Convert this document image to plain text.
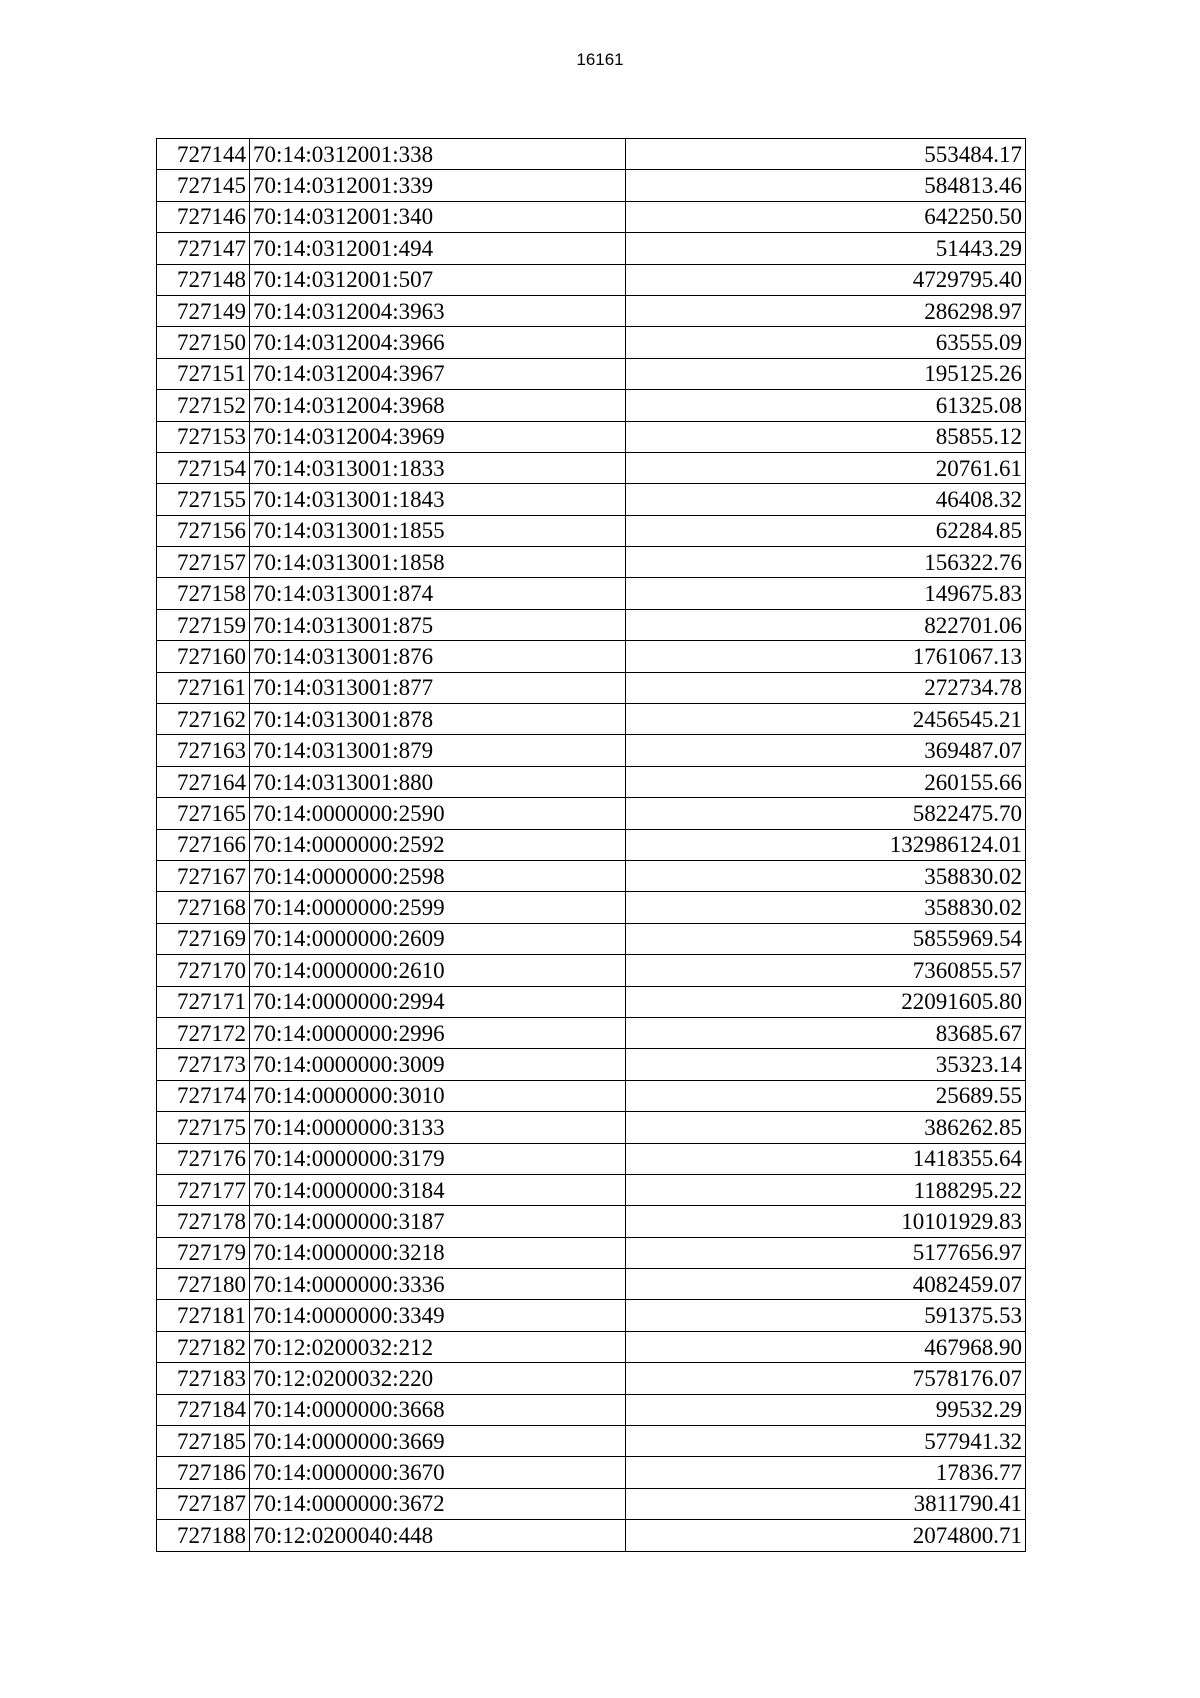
16161
727144	70:14:0312001:338	553484.17
727145	70:14:0312001:339	584813.46
727146	70:14:0312001:340	642250.50
727147	70:14:0312001:494	51443.29
727148	70:14:0312001:507	4729795.40
727149	70:14:0312004:3963	286298.97
727150	70:14:0312004:3966	63555.09
727151	70:14:0312004:3967	195125.26
727152	70:14:0312004:3968	61325.08
727153	70:14:0312004:3969	85855.12
727154	70:14:0313001:1833	20761.61
727155	70:14:0313001:1843	46408.32
727156	70:14:0313001:1855	62284.85
727157	70:14:0313001:1858	156322.76
727158	70:14:0313001:874	149675.83
727159	70:14:0313001:875	822701.06
727160	70:14:0313001:876	1761067.13
727161	70:14:0313001:877	272734.78
727162	70:14:0313001:878	2456545.21
727163	70:14:0313001:879	369487.07
727164	70:14:0313001:880	260155.66
727165	70:14:0000000:2590	5822475.70
727166	70:14:0000000:2592	132986124.01
727167	70:14:0000000:2598	358830.02
727168	70:14:0000000:2599	358830.02
727169	70:14:0000000:2609	5855969.54
727170	70:14:0000000:2610	7360855.57
727171	70:14:0000000:2994	22091605.80
727172	70:14:0000000:2996	83685.67
727173	70:14:0000000:3009	35323.14
727174	70:14:0000000:3010	25689.55
727175	70:14:0000000:3133	386262.85
727176	70:14:0000000:3179	1418355.64
727177	70:14:0000000:3184	1188295.22
727178	70:14:0000000:3187	10101929.83
727179	70:14:0000000:3218	5177656.97
727180	70:14:0000000:3336	4082459.07
727181	70:14:0000000:3349	591375.53
727182	70:12:0200032:212	467968.90
727183	70:12:0200032:220	7578176.07
727184	70:14:0000000:3668	99532.29
727185	70:14:0000000:3669	577941.32
727186	70:14:0000000:3670	17836.77
727187	70:14:0000000:3672	3811790.41
727188	70:12:0200040:448	2074800.71
